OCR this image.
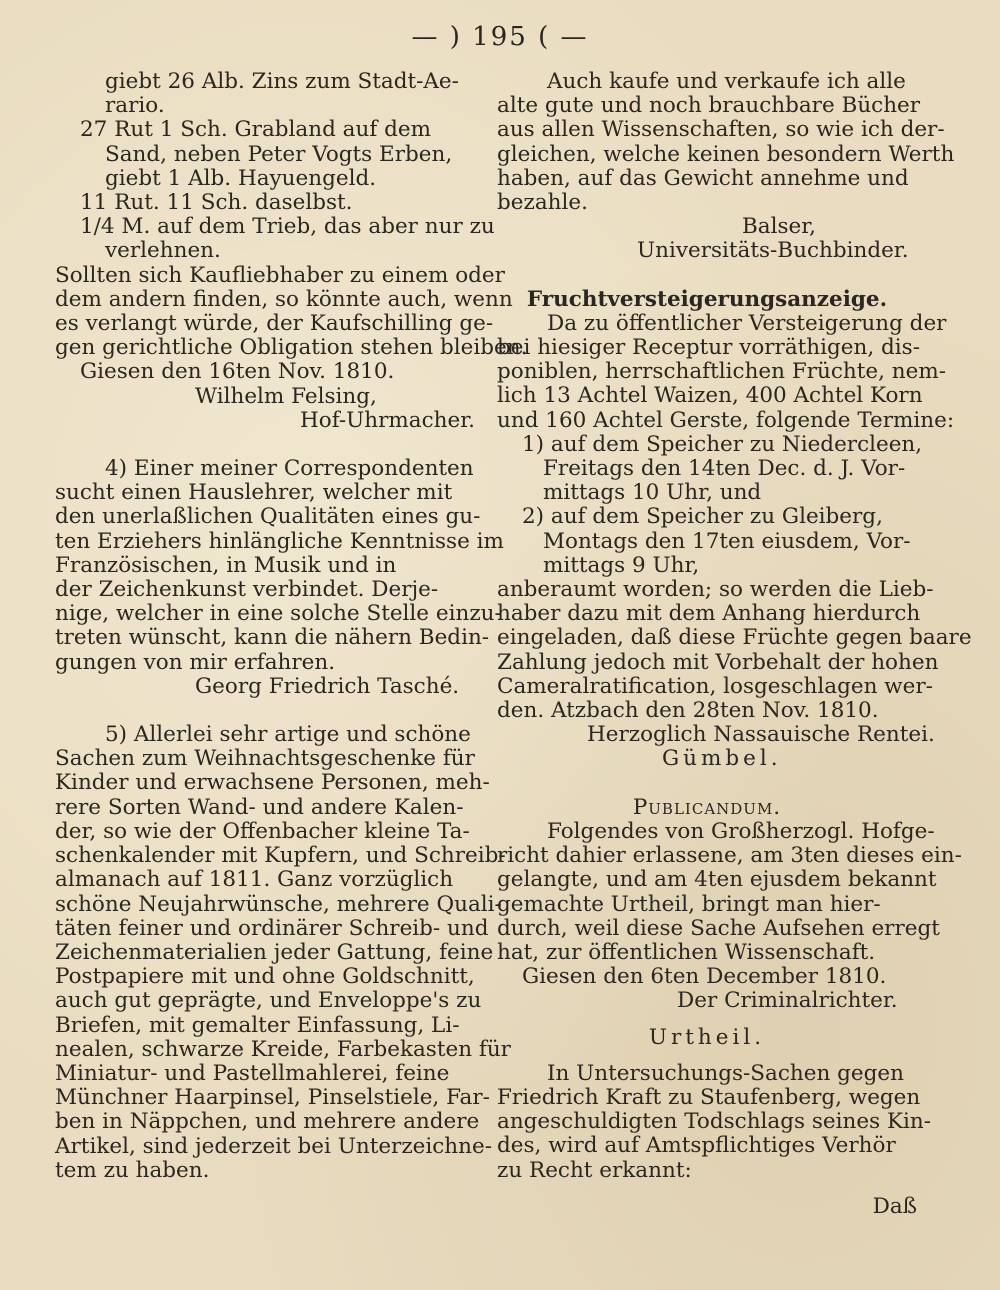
— ) 195 ( —
giebt 26 Alb. Zins zum Stadt-Ae-
rario.
27 Rut 1 Sch. Grabland auf dem
Sand, neben Peter Vogts Erben,
giebt 1 Alb. Hayuengeld.
11 Rut. 11 Sch. daselbst.
1/4 M. auf dem Trieb, das aber nur zu
verlehnen.
Sollten sich Kaufliebhaber zu einem oder
dem andern finden, so könnte auch, wenn
es verlangt würde, der Kaufschilling ge-
gen gerichtliche Obligation stehen bleiben.
Giesen den 16ten Nov. 1810.
Wilhelm Felsing,
Hof-Uhrmacher.
4) Einer meiner Correspondenten
sucht einen Hauslehrer, welcher mit
den unerlaßlichen Qualitäten eines gu-
ten Erziehers hinlängliche Kenntnisse im
Französischen, in Musik und in
der Zeichenkunst verbindet. Derje-
nige, welcher in eine solche Stelle einzu-
treten wünscht, kann die nähern Bedin-
gungen von mir erfahren.
Georg Friedrich Tasché.
5) Allerlei sehr artige und schöne
Sachen zum Weihnachtsgeschenke für
Kinder und erwachsene Personen, meh-
rere Sorten Wand- und andere Kalen-
der, so wie der Offenbacher kleine Ta-
schenkalender mit Kupfern, und Schreib-
almanach auf 1811. Ganz vorzüglich
schöne Neujahrwünsche, mehrere Quali-
täten feiner und ordinärer Schreib- und
Zeichenmaterialien jeder Gattung, feine
Postpapiere mit und ohne Goldschnitt,
auch gut geprägte, und Enveloppe's zu
Briefen, mit gemalter Einfassung, Li-
nealen, schwarze Kreide, Farbekasten für
Miniatur- und Pastellmahlerei, feine
Münchner Haarpinsel, Pinselstiele, Far-
ben in Näppchen, und mehrere andere
Artikel, sind jederzeit bei Unterzeichne-
tem zu haben.
Auch kaufe und verkaufe ich alle
alte gute und noch brauchbare Bücher
aus allen Wissenschaften, so wie ich der-
gleichen, welche keinen besondern Werth
haben, auf das Gewicht annehme und
bezahle.
Balser,
Universitäts-Buchbinder.
Fruchtversteigerungsanzeige.
Da zu öffentlicher Versteigerung der
bei hiesiger Receptur vorräthigen, dis-
poniblen, herrschaftlichen Früchte, nem-
lich 13 Achtel Waizen, 400 Achtel Korn
und 160 Achtel Gerste, folgende Termine:
1) auf dem Speicher zu Niedercleen,
Freitags den 14ten Dec. d. J. Vor-
mittags 10 Uhr, und
2) auf dem Speicher zu Gleiberg,
Montags den 17ten eiusdem, Vor-
mittags 9 Uhr,
anberaumt worden; so werden die Lieb-
haber dazu mit dem Anhang hierdurch
eingeladen, daß diese Früchte gegen baare
Zahlung jedoch mit Vorbehalt der hohen
Cameralratification, losgeschlagen wer-
den. Atzbach den 28ten Nov. 1810.
Herzoglich Nassauische Rentei.
Gümbel.
Publicandum.
Folgendes von Großherzogl. Hofge-
richt dahier erlassene, am 3ten dieses ein-
gelangte, und am 4ten ejusdem bekannt
gemachte Urtheil, bringt man hier-
durch, weil diese Sache Aufsehen erregt
hat, zur öffentlichen Wissenschaft.
Giesen den 6ten December 1810.
Der Criminalrichter.
Urtheil.
In Untersuchungs-Sachen gegen
Friedrich Kraft zu Staufenberg, wegen
angeschuldigten Todschlags seines Kin-
des, wird auf Amtspflichtiges Verhör
zu Recht erkannt:
Daß
